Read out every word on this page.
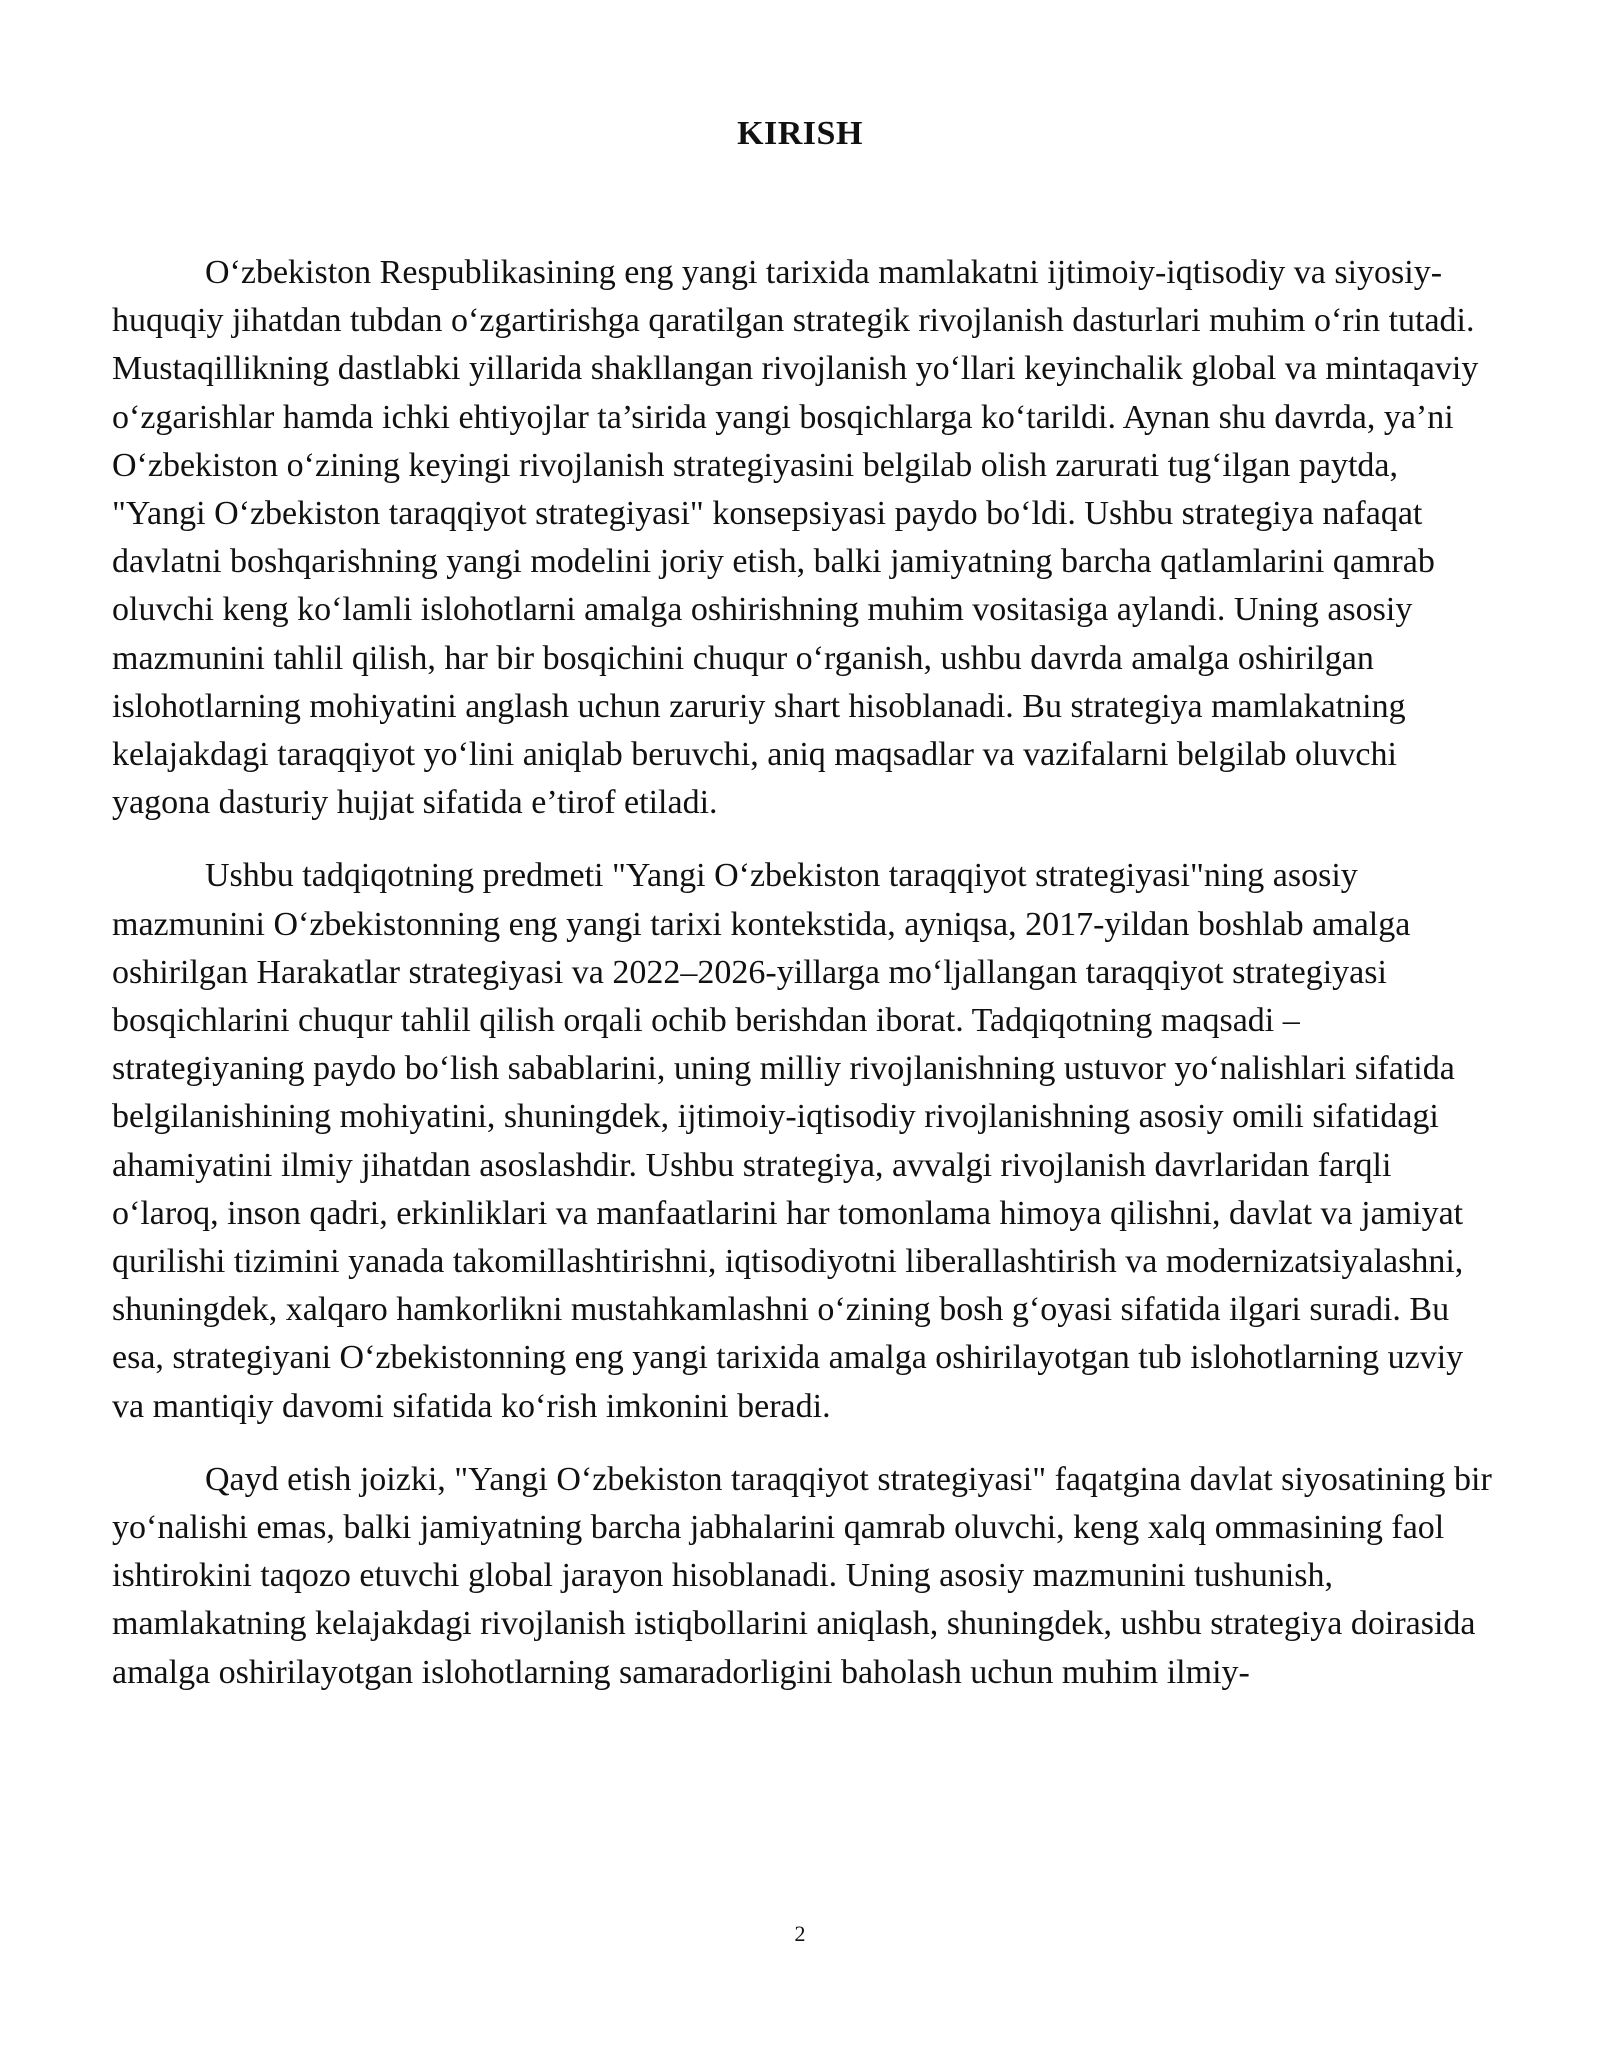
KIRISH

O‘zbekiston Respublikasining eng yangi tarixida mamlakatni ijtimoiy-iqtisodiy va siyosiy-huquqiy jihatdan tubdan o‘zgartirishga qaratilgan strategik rivojlanish dasturlari muhim o‘rin tutadi. Mustaqillikning dastlabki yillarida shakllangan rivojlanish yo‘llari keyinchalik global va mintaqaviy o‘zgarishlar hamda ichki ehtiyojlar ta’sirida yangi bosqichlarga ko‘tarildi. Aynan shu davrda, ya’ni O‘zbekiston o‘zining keyingi rivojlanish strategiyasini belgilab olish zarurati tug‘ilgan paytda, "Yangi O‘zbekiston taraqqiyot strategiyasi" konsepsiyasi paydo bo‘ldi. Ushbu strategiya nafaqat davlatni boshqarishning yangi modelini joriy etish, balki jamiyatning barcha qatlamlarini qamrab oluvchi keng ko‘lamli islohotlarni amalga oshirishning muhim vositasiga aylandi. Uning asosiy mazmunini tahlil qilish, har bir bosqichini chuqur o‘rganish, ushbu davrda amalga oshirilgan islohotlarning mohiyatini anglash uchun zaruriy shart hisoblanadi. Bu strategiya mamlakatning kelajakdagi taraqqiyot yo‘lini aniqlab beruvchi, aniq maqsadlar va vazifalarni belgilab oluvchi yagona dasturiy hujjat sifatida e’tirof etiladi.

Ushbu tadqiqotning predmeti "Yangi O‘zbekiston taraqqiyot strategiyasi"ning asosiy mazmunini O‘zbekistonning eng yangi tarixi kontekstida, ayniqsa, 2017-yildan boshlab amalga oshirilgan Harakatlar strategiyasi va 2022–2026-yillarga mo‘ljallangan taraqqiyot strategiyasi bosqichlarini chuqur tahlil qilish orqali ochib berishdan iborat. Tadqiqotning maqsadi – strategiyaning paydo bo‘lish sabablarini, uning milliy rivojlanishning ustuvor yo‘nalishlari sifatida belgilanishining mohiyatini, shuningdek, ijtimoiy-iqtisodiy rivojlanishning asosiy omili sifatidagi ahamiyatini ilmiy jihatdan asoslashdir. Ushbu strategiya, avvalgi rivojlanish davrlaridan farqli o‘laroq, inson qadri, erkinliklari va manfaatlarini har tomonlama himoya qilishni, davlat va jamiyat qurilishi tizimini yanada takomillashtirishni, iqtisodiyotni liberallashtirish va modernizatsiyalashni, shuningdek, xalqaro hamkorlikni mustahkamlashni o‘zining bosh g‘oyasi sifatida ilgari suradi. Bu esa, strategiyani O‘zbekistonning eng yangi tarixida amalga oshirilayotgan tub islohotlarning uzviy va mantiqiy davomi sifatida ko‘rish imkonini beradi.

Qayd etish joizki, "Yangi O‘zbekiston taraqqiyot strategiyasi" faqatgina davlat siyosatining bir yo‘nalishi emas, balki jamiyatning barcha jabhalarini qamrab oluvchi, keng xalq ommasining faol ishtirokini taqozo etuvchi global jarayon hisoblanadi. Uning asosiy mazmunini tushunish, mamlakatning kelajakdagi rivojlanish istiqbollarini aniqlash, shuningdek, ushbu strategiya doirasida amalga oshirilayotgan islohotlarning samaradorligini baholash uchun muhim ilmiy-

2
